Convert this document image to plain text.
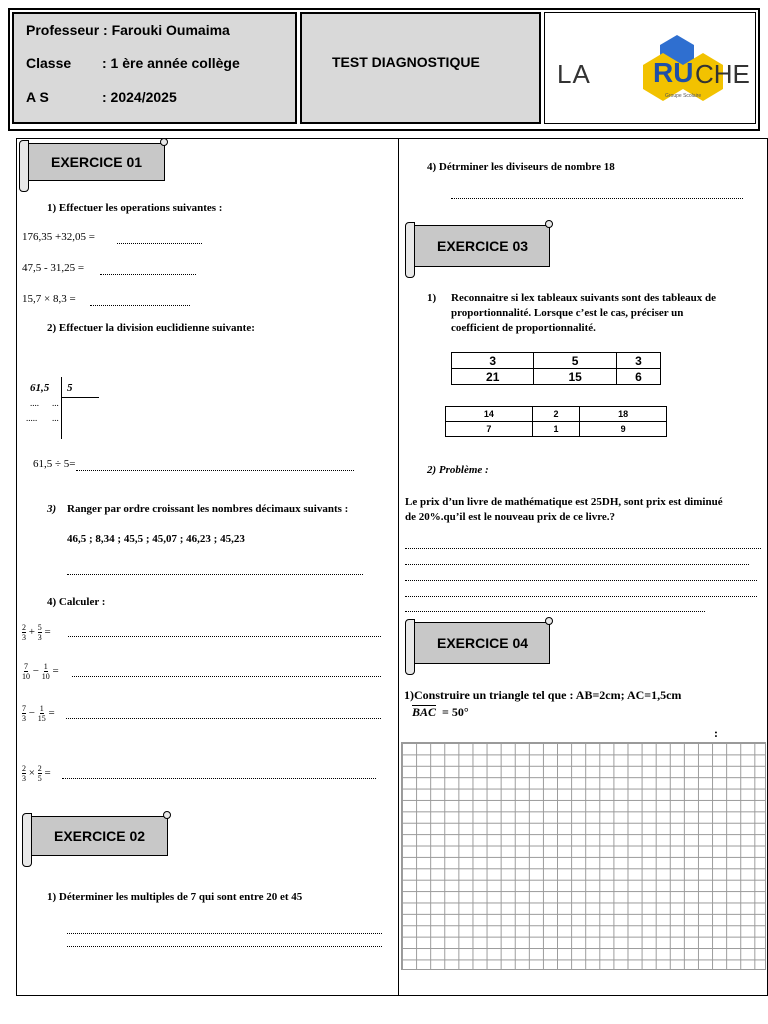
Professeur : Farouki Oumaima
Classe : 1 ère année collège
A S	: 2024/2025
TEST DIAGNOSTIQUE	LA RU CHE
Groupe Scolaire
EXERCICE 01
1) Effectuer les operations suivantes :
176,35 +32,05 =
47,5 - 31,25 =
15,7 × 8,3 =
2) Effectuer la division euclidienne suivante:
61,5 5
.... ...
..... ...
61,5 ÷ 5=
3) Ranger par ordre croissant les nombres décimaux suivants :
46,5 ; 8,34 ; 45,5 ; 45,07 ; 46,23 ; 45,23
4) Calculer :
$\frac{2}{3} + \frac{5}{3}$ =
$\frac{7}{10} - \frac{1}{10}$ =
$\frac{7}{3} - \frac{1}{15}$ =
$\frac{2}{3} \times \frac{2}{5}$ =
EXERCICE 02
1) Déterminer les multiples de 7 qui sont entre 20 et 45
4) Détrminer les diviseurs de nombre 18
EXERCICE 03
1) Reconnaitre si lex tableaux suivants sont des tableaux de
proportionnalité. Lorsque c’est le cas, préciser un
coefficient de proportionnalité.
3	5	3
21	15	6
14	2	18
7	1	9
2) Problème :
Le prix d’un livre de mathématique est 25DH, sont prix est diminué
de 20%.qu’il est le nouveau prix de ce livre.?
EXERCICE 04
1)Construire un triangle tel que : AB=2cm; AC=1,5cm
BAC = 50°
:
